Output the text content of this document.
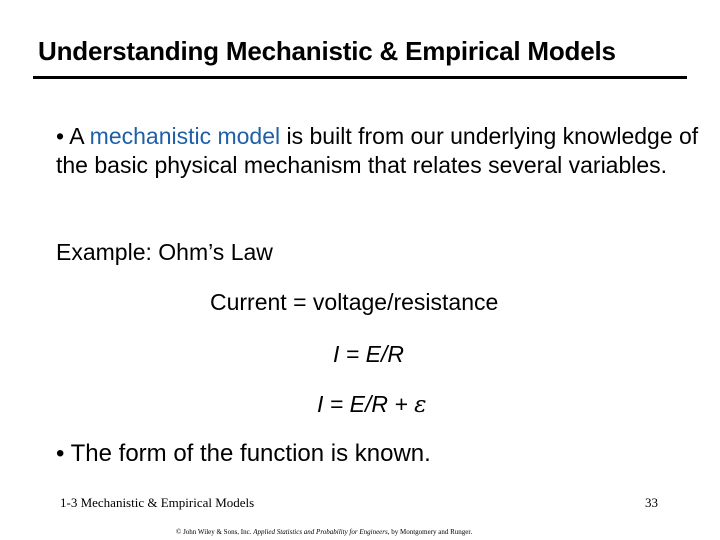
Understanding Mechanistic & Empirical Models
• A mechanistic model is built from our underlying knowledge of the basic physical mechanism that relates several variables.
Example: Ohm’s Law
Current = voltage/resistance
I = E/R
I = E/R + ε
• The form of the function is known.
1-3 Mechanistic & Empirical Models	33
© John Wiley & Sons, Inc. Applied Statistics and Probability for Engineers, by Montgomery and Runger.
